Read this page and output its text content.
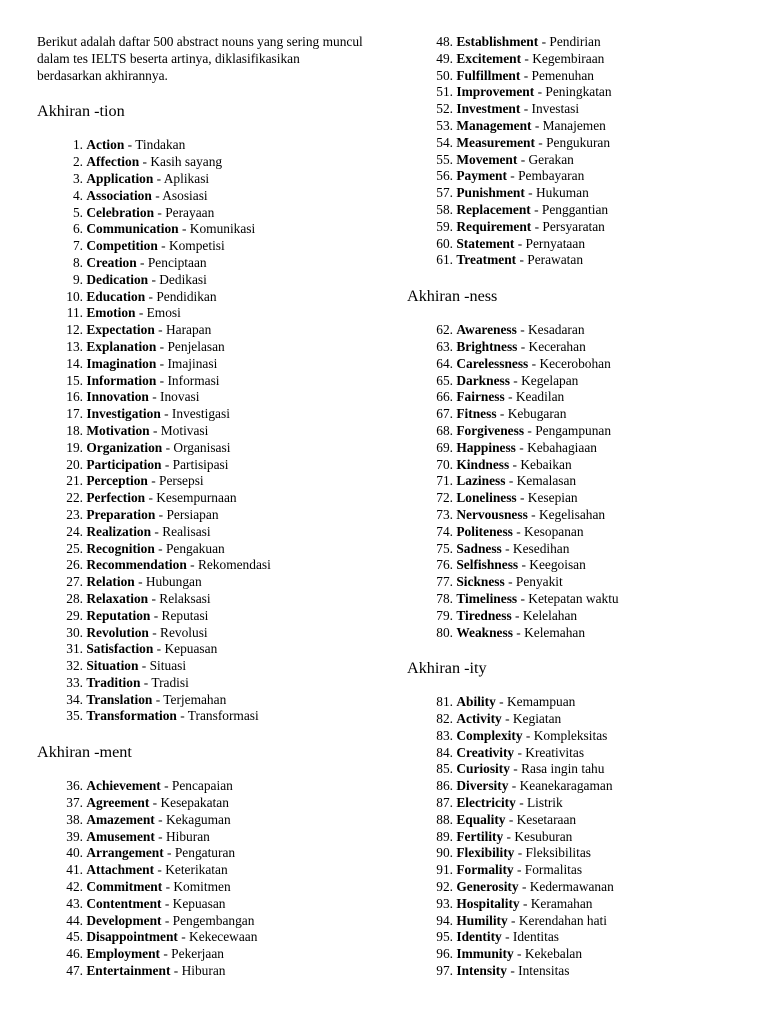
Berikut adalah daftar 500 abstract nouns yang sering muncul dalam tes IELTS beserta artinya, diklasifikasikan berdasarkan akhirannya.

Akhiran -tion
1. Action - Tindakan
2. Affection - Kasih sayang
3. Application - Aplikasi
4. Association - Asosiasi
5. Celebration - Perayaan
6. Communication - Komunikasi
7. Competition - Kompetisi
8. Creation - Penciptaan
9. Dedication - Dedikasi
10. Education - Pendidikan
11. Emotion - Emosi
12. Expectation - Harapan
13. Explanation - Penjelasan
14. Imagination - Imajinasi
15. Information - Informasi
16. Innovation - Inovasi
17. Investigation - Investigasi
18. Motivation - Motivasi
19. Organization - Organisasi
20. Participation - Partisipasi
21. Perception - Persepsi
22. Perfection - Kesempurnaan
23. Preparation - Persiapan
24. Realization - Realisasi
25. Recognition - Pengakuan
26. Recommendation - Rekomendasi
27. Relation - Hubungan
28. Relaxation - Relaksasi
29. Reputation - Reputasi
30. Revolution - Revolusi
31. Satisfaction - Kepuasan
32. Situation - Situasi
33. Tradition - Tradisi
34. Translation - Terjemahan
35. Transformation - Transformasi
Akhiran -ment
36. Achievement - Pencapaian
37. Agreement - Kesepakatan
38. Amazement - Kekaguman
39. Amusement - Hiburan
40. Arrangement - Pengaturan
41. Attachment - Keterikatan
42. Commitment - Komitmen
43. Contentment - Kepuasan
44. Development - Pengembangan
45. Disappointment - Kekecewaan
46. Employment - Pekerjaan
47. Entertainment - Hiburan
48. Establishment - Pendirian
49. Excitement - Kegembiraan
50. Fulfillment - Pemenuhan
51. Improvement - Peningkatan
52. Investment - Investasi
53. Management - Manajemen
54. Measurement - Pengukuran
55. Movement - Gerakan
56. Payment - Pembayaran
57. Punishment - Hukuman
58. Replacement - Penggantian
59. Requirement - Persyaratan
60. Statement - Pernyataan
61. Treatment - Perawatan
Akhiran -ness
62. Awareness - Kesadaran
63. Brightness - Kecerahan
64. Carelessness - Kecerobohan
65. Darkness - Kegelapan
66. Fairness - Keadilan
67. Fitness - Kebugaran
68. Forgiveness - Pengampunan
69. Happiness - Kebahagiaan
70. Kindness - Kebaikan
71. Laziness - Kemalasan
72. Loneliness - Kesepian
73. Nervousness - Kegelisahan
74. Politeness - Kesopanan
75. Sadness - Kesedihan
76. Selfishness - Keegoisan
77. Sickness - Penyakit
78. Timeliness - Ketepatan waktu
79. Tiredness - Kelelahan
80. Weakness - Kelemahan
Akhiran -ity
81. Ability - Kemampuan
82. Activity - Kegiatan
83. Complexity - Kompleksitas
84. Creativity - Kreativitas
85. Curiosity - Rasa ingin tahu
86. Diversity - Keanekaragaman
87. Electricity - Listrik
88. Equality - Kesetaraan
89. Fertility - Kesuburan
90. Flexibility - Fleksibilitas
91. Formality - Formalitas
92. Generosity - Kedermawanan
93. Hospitality - Keramahan
94. Humility - Kerendahan hati
95. Identity - Identitas
96. Immunity - Kekebalan
97. Intensity - Intensitas
